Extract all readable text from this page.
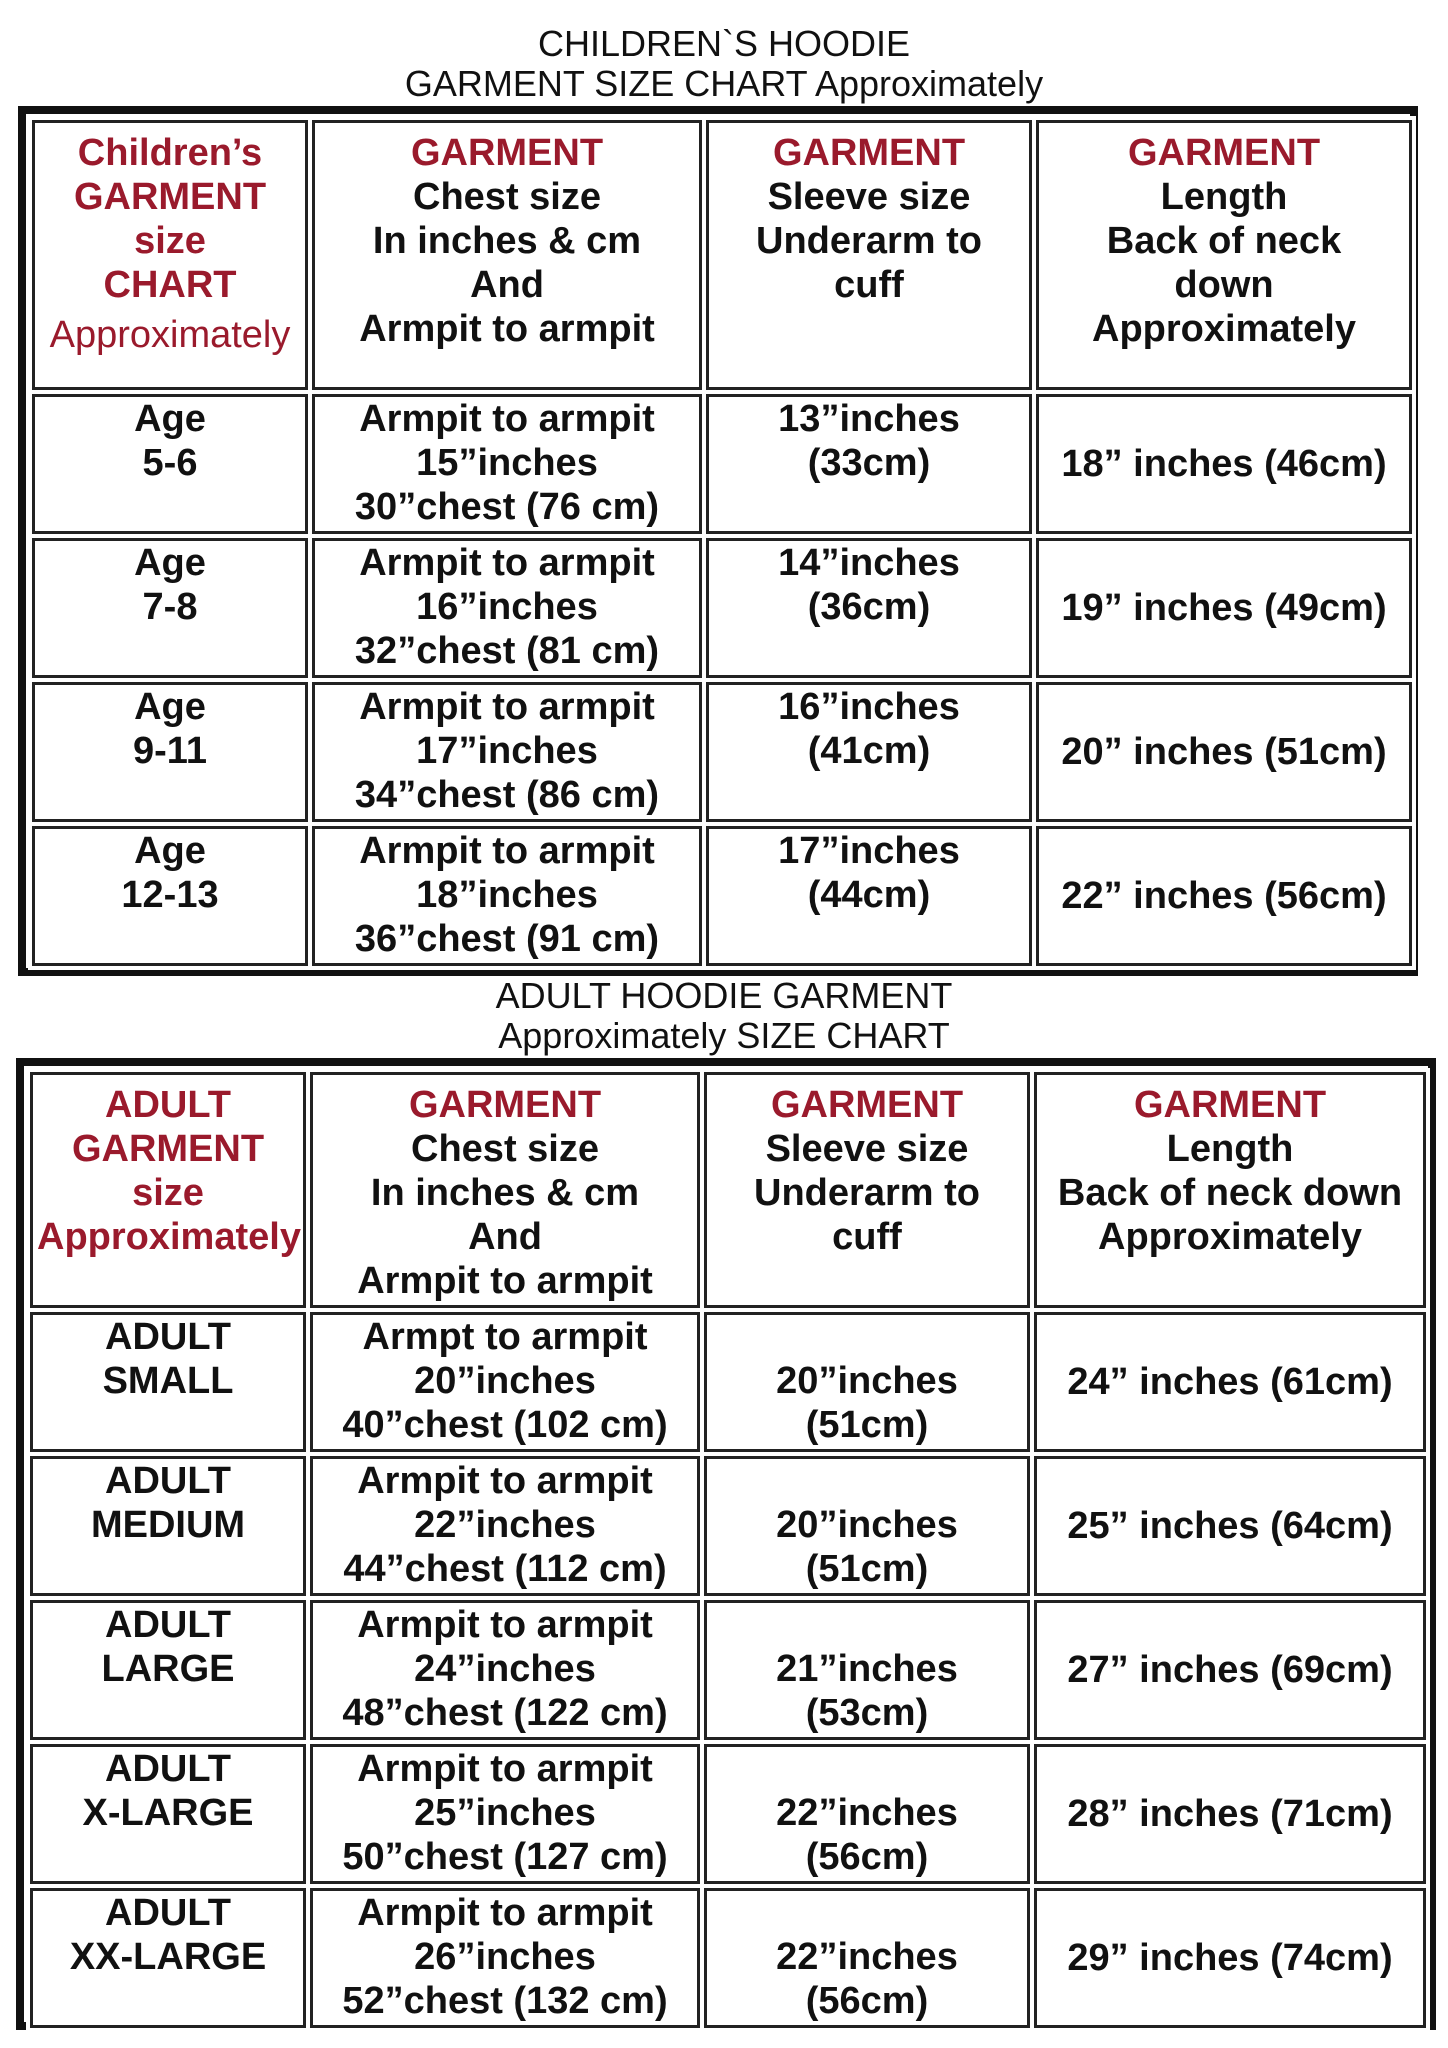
CHILDREN`S HOODIE
GARMENT SIZE CHART Approximately
Children’s
GARMENT
size
CHART
Approximately	GARMENT
Chest size
In inches & cm
And
Armpit to armpit	GARMENT
Sleeve size
Underarm to
cuff	GARMENT
Length
Back of neck
down
Approximately

Age
5-6	Armpit to armpit
15”inches
30”chest (76 cm)	13”inches
(33cm)	18” inches (46cm)

Age
7-8	Armpit to armpit
16”inches
32”chest (81 cm)	14”inches
(36cm)	19” inches (49cm)

Age
9-11	Armpit to armpit
17”inches
34”chest (86 cm)	16”inches
(41cm)	20” inches (51cm)

Age
12-13	Armpit to armpit
18”inches
36”chest (91 cm)	17”inches
(44cm)	22” inches (56cm)
ADULT HOODIE GARMENT
Approximately SIZE CHART
ADULT
GARMENT
size
Approximately	GARMENT
Chest size
In inches & cm
And
Armpit to armpit	GARMENT
Sleeve size
Underarm to
cuff	GARMENT
Length
Back of neck down
Approximately

ADULT
SMALL	Armpt to armpit
20”inches
40”chest (102 cm)	20”inches
(51cm)	24” inches (61cm)

ADULT
MEDIUM	Armpit to armpit
22”inches
44”chest (112 cm)	20”inches
(51cm)	25” inches (64cm)

ADULT
LARGE	Armpit to armpit
24”inches
48”chest (122 cm)	21”inches
(53cm)	27” inches (69cm)

ADULT
X-LARGE	Armpit to armpit
25”inches
50”chest (127 cm)	22”inches
(56cm)	28” inches (71cm)

ADULT
XX-LARGE	Armpit to armpit
26”inches
52”chest (132 cm)	22”inches
(56cm)	29” inches (74cm)
